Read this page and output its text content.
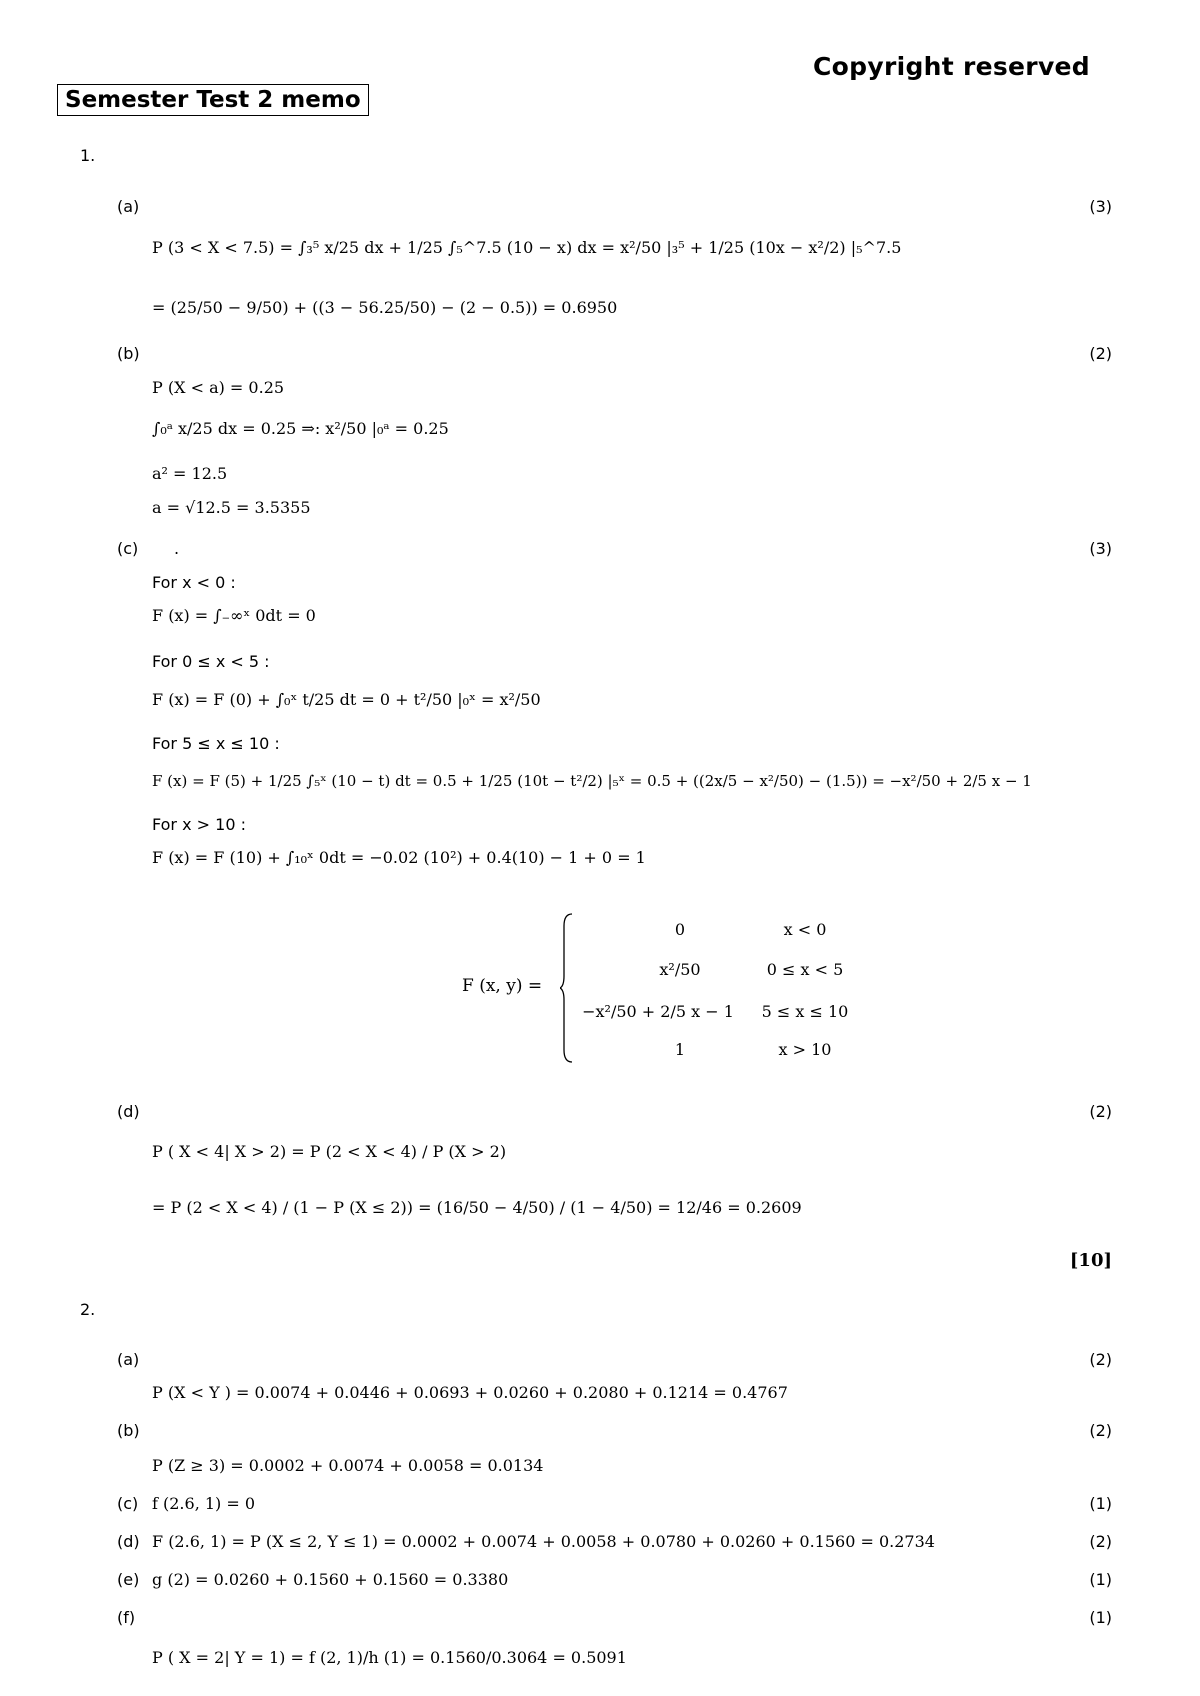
Copyright reserved
Semester Test 2 memo
1.
(a)	(3)
P (3 < X < 7.5) = ∫₃⁵ x/25 dx + 1/25 ∫₅^7.5 (10 − x) dx = x²/50 |₃⁵ + 1/25 (10x − x²/2) |₅^7.5
= (25/50 − 9/50) + ((3 − 56.25/50) − (2 − 0.5)) = 0.6950
(b)	(2)
P (X < a) = 0.25
∫₀ᵃ x/25 dx = 0.25 ⇒: x²/50 |₀ᵃ = 0.25
a² = 12.5
a = √12.5 = 3.5355
(c) .	(3)
For x < 0 :
F (x) = ∫₋∞ˣ 0dt = 0
For 0 ≤ x < 5 :
F (x) = F (0) + ∫₀ˣ t/25 dt = 0 + t²/50 |₀ˣ = x²/50
For 5 ≤ x ≤ 10 :
F (x) = F (5) + 1/25 ∫₅ˣ (10 − t) dt = 0.5 + 1/25 (10t − t²/2) |₅ˣ = 0.5 + ((2x/5 − x²/50) − (1.5)) = −x²/50 + 2/5 x − 1
For x > 10 :
F (x) = F (10) + ∫₁₀ˣ 0dt = −0.02 (10²) + 0.4(10) − 1 + 0 = 1
F (x, y) =
0	x < 0
x²/50	0 ≤ x < 5
−x²/50 + 2/5 x − 1	5 ≤ x ≤ 10
1	x > 10
(d)	(2)
P ( X < 4| X > 2) = P (2 < X < 4) / P (X > 2)
= P (2 < X < 4) / (1 − P (X ≤ 2)) = (16/50 − 4/50) / (1 − 4/50) = 12/46 = 0.2609
[10]
2.
(a)	(2)
P (X < Y ) = 0.0074 + 0.0446 + 0.0693 + 0.0260 + 0.2080 + 0.1214 = 0.4767
(b)	(2)
P (Z ≥ 3) = 0.0002 + 0.0074 + 0.0058 = 0.0134
(c) f (2.6, 1) = 0	(1)
(d) F (2.6, 1) = P (X ≤ 2, Y ≤ 1) = 0.0002 + 0.0074 + 0.0058 + 0.0780 + 0.0260 + 0.1560 = 0.2734	(2)
(e) g (2) = 0.0260 + 0.1560 + 0.1560 = 0.3380	(1)
(f)	(1)
P ( X = 2| Y = 1) = f (2, 1)/h (1) = 0.1560/0.3064 = 0.5091
